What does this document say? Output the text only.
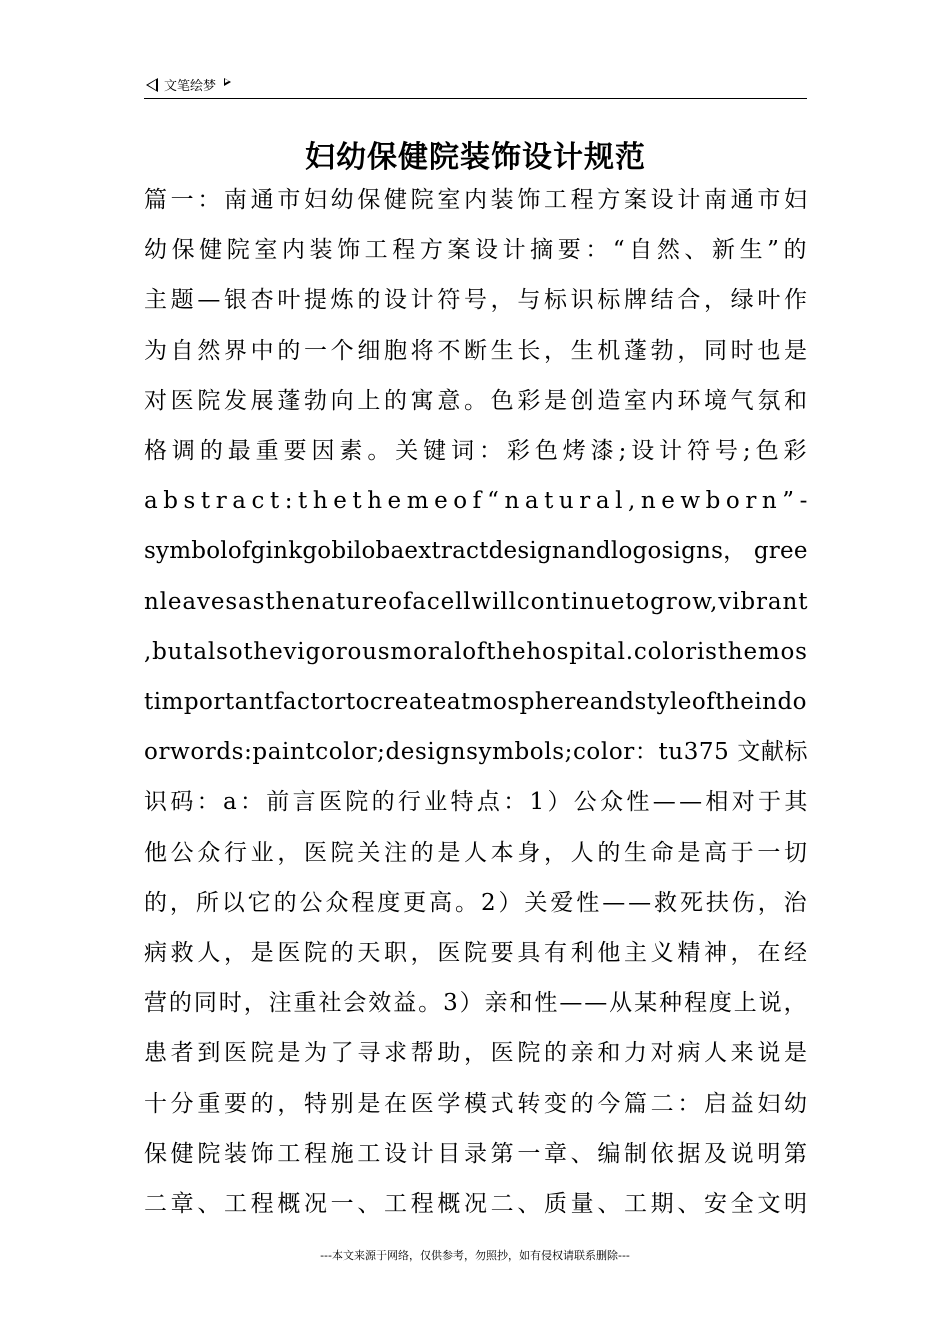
文笔绘梦
妇幼保健院装饰设计规范
篇一：南通市妇幼保健院室内装饰工程方案设计南通市妇
幼保健院室内装饰工程方案设计摘要：“自然、新生”的
主题—银杏叶提炼的设计符号，与标识标牌结合，绿叶作
为自然界中的一个细胞将不断生长，生机蓬勃，同时也是
对医院发展蓬勃向上的寓意。色彩是创造室内环境气氛和
格调的最重要因素。关键词：彩色烤漆;设计符号;色彩
abstract:thethemeof“natural,newborn”-
symbolofginkgobilobaextractdesignandlogosigns， gree
nleavesasthenatureofacellwillcontinuetogrow,vibrant
,butalsothevigorousmoralofthehospital.coloristhemos
timportantfactortocreateatmosphereandstyleoftheindo
orwords:paintcolor;designsymbols;color：tu375 文献标
识码：a：前言医院的行业特点：1）公众性——相对于其
他公众行业，医院关注的是人本身，人的生命是高于一切
的，所以它的公众程度更高。2）关爱性——救死扶伤，治
病救人，是医院的天职，医院要具有利他主义精神，在经
营的同时，注重社会效益。3）亲和性——从某种程度上说，
患者到医院是为了寻求帮助，医院的亲和力对病人来说是
十分重要的，特别是在医学模式转变的今篇二：启益妇幼
保健院装饰工程施工设计目录第一章、编制依据及说明第
二章、工程概况一、工程概况二、质量、工期、安全文明
---本文来源于网络，仅供参考，勿照抄，如有侵权请联系删除---
